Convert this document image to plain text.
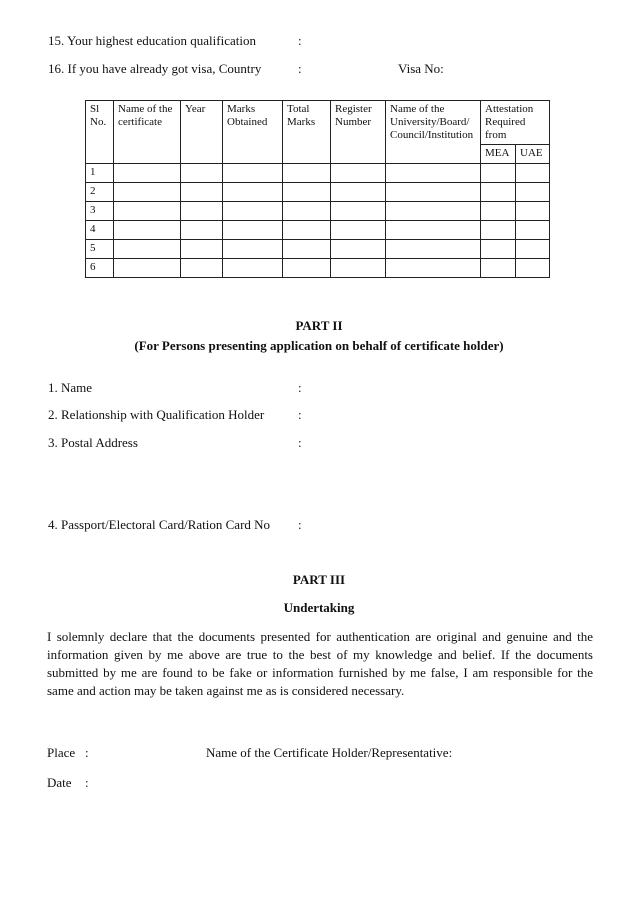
15. Your highest education qualification	:
16. If you have already got visa, Country	:	Visa No:
Sl No.	Name of the certificate	Year	Marks Obtained	Total Marks	Register Number	Name of the University/Board/ Council/Institution	Attestation Required from	
							MEA	UAE
1								
2								
3								
4								
5								
6								
PART II
(For Persons presenting application on behalf of certificate holder)
1. Name	:
2. Relationship with Qualification Holder	:
3. Postal Address	:
4. Passport/Electoral Card/Ration Card No :
PART III
Undertaking
I solemnly declare that the documents presented for authentication are original and genuine and the information given by me above are true to the best of my knowledge and belief. If the documents submitted by me are found to be fake or information furnished by me false, I am responsible for the same and action may be taken against me as is considered necessary.
Place :	Name of the Certificate Holder/Representative:
Date :
